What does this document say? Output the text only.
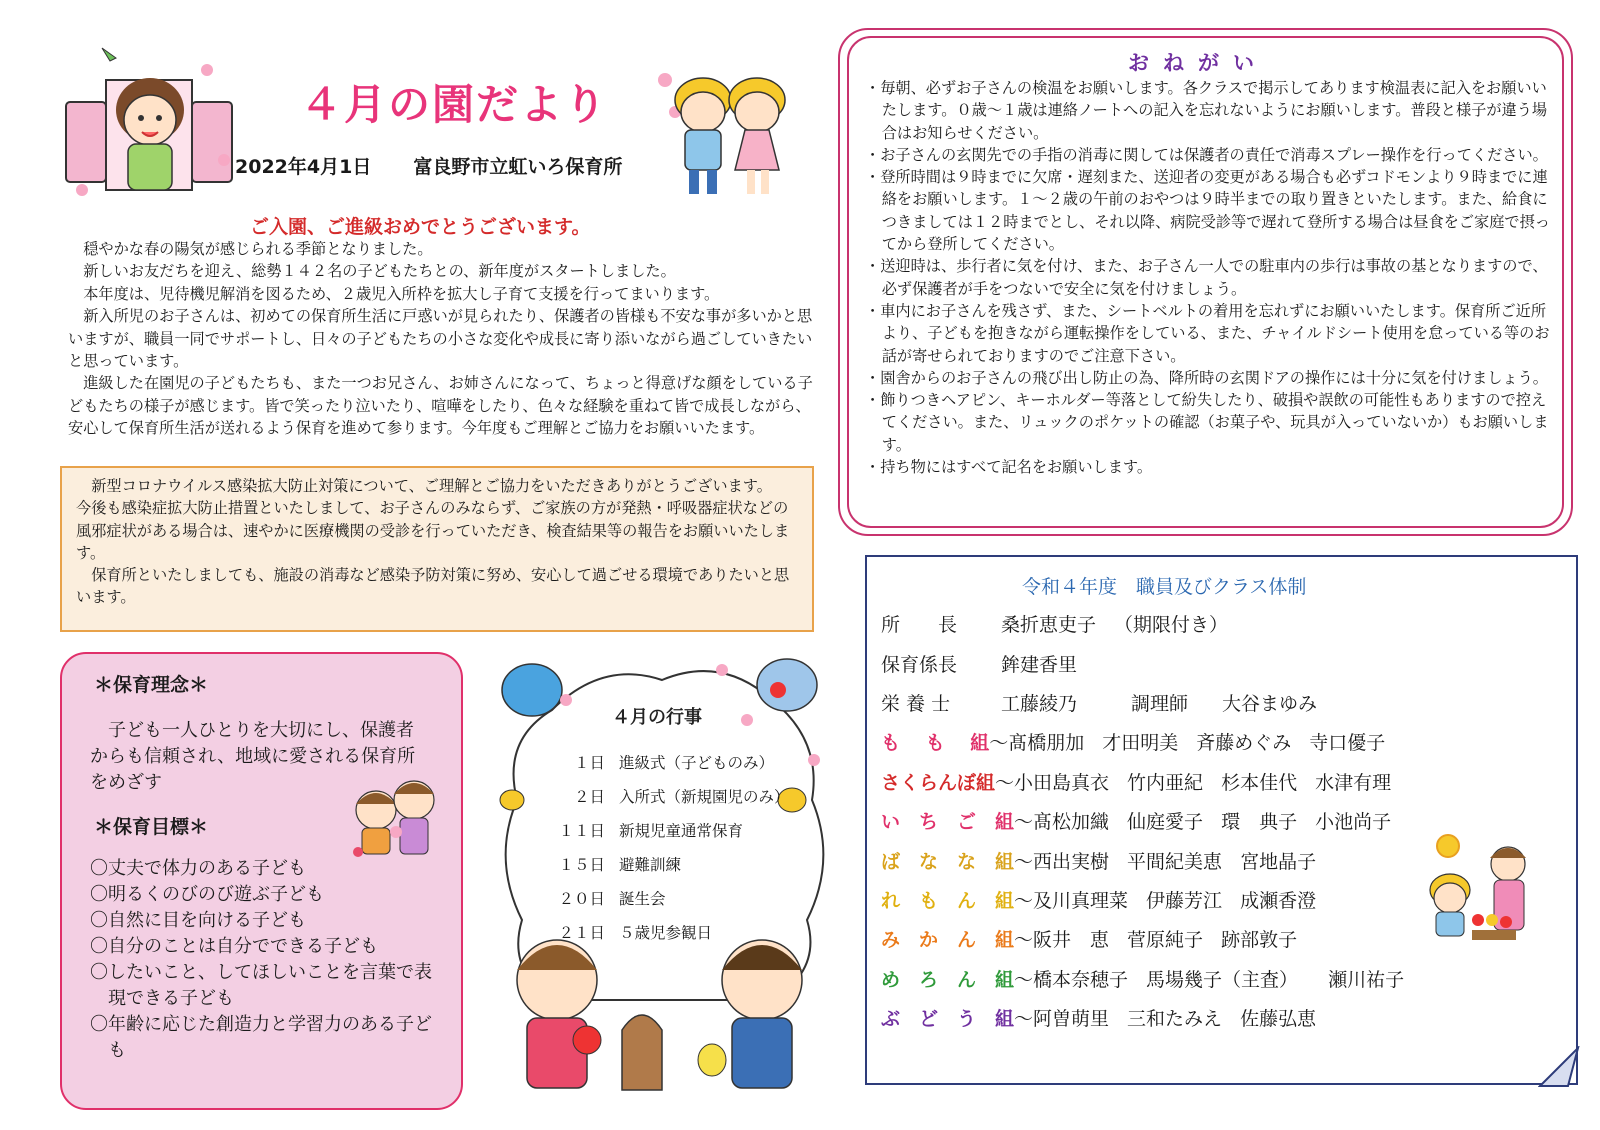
４月の園だより
2022年4月1日 富良野市立虹いろ保育所
ご入園、ご進級おめでとうございます。

穏やかな春の陽気が感じられる季節となりました。

新しいお友だちを迎え、総勢１４２名の子どもたちとの、新年度がスタートしました。

本年度は、児待機児解消を図るため、２歳児入所枠を拡大し子育て支援を行ってまいります。

新入所児のお子さんは、初めての保育所生活に戸惑いが見られたり、保護者の皆様も不安な事が多いかと思いますが、職員一同でサポートし、日々の子どもたちの小さな変化や成長に寄り添いながら過ごしていきたいと思っています。

進級した在園児の子どもたちも、また一つお兄さん、お姉さんになって、ちょっと得意げな顔をしている子どもたちの様子が感じます。皆で笑ったり泣いたり、喧嘩をしたり、色々な経験を重ねて皆で成長しながら、安心して保育所生活が送れるよう保育を進めて参ります。今年度もご理解とご協力をお願いいたます。

新型コロナウイルス感染拡大防止対策について、ご理解とご協力をいただきありがとうございます。

今後も感染症拡大防止措置といたしまして、お子さんのみならず、ご家族の方が発熱・呼吸器症状などの風邪症状がある場合は、速やかに医療機関の受診を行っていただき、検査結果等の報告をお願いいたします。

保育所といたしましても、施設の消毒など感染予防対策に努め、安心して過ごせる環境でありたいと思います。

＊保育理念＊

子ども一人ひとりを大切にし、保護者からも信頼され、地域に愛される保育所をめざす

＊保育目標＊
〇丈夫で体力のある子ども
〇明るくのびのび遊ぶ子ども
〇自然に目を向ける子ども
〇自分のことは自分でできる子ども
〇したいこと、してほしいことを言葉で表現できる子ども
〇年齢に応じた創造力と学習力のある子ども
４月の行事
１日 進級式（子どものみ）
２日 入所式（新規園児のみ）
１１日 新規児童通常保育
１５日 避難訓練
２０日 誕生会
２１日 ５歳児参観日
おねがい
・毎朝、必ずお子さんの検温をお願いします。各クラスで掲示してあります検温表に記入をお願いいたします。０歳〜１歳は連絡ノートへの記入を忘れないようにお願いします。普段と様子が違う場合はお知らせください。
・お子さんの玄関先での手指の消毒に関しては保護者の責任で消毒スプレー操作を行ってください。
・登所時間は９時までに欠席・遅刻また、送迎者の変更がある場合も必ずコドモンより９時までに連絡をお願いします。１〜２歳の午前のおやつは９時半までの取り置きといたします。また、給食につきましては１２時までとし、それ以降、病院受診等で遅れて登所する場合は昼食をご家庭で摂ってから登所してください。
・送迎時は、歩行者に気を付け、また、お子さん一人での駐車内の歩行は事故の基となりますので、必ず保護者が手をつないで安全に気を付けましょう。
・車内にお子さんを残さず、また、シートベルトの着用を忘れずにお願いいたします。保育所ご近所より、子どもを抱きながら運転操作をしている、また、チャイルドシート使用を怠っている等のお話が寄せられておりますのでご注意下さい。
・園舎からのお子さんの飛び出し防止の為、降所時の玄関ドアの操作には十分に気を付けましょう。
・飾りつきヘアピン、キーホルダー等落として紛失したり、破損や誤飲の可能性もありますので控えてください。また、リュックのポケットの確認（お菓子や、玩具が入っていないか）もお願いします。
・持ち物にはすべて記名をお願いします。
令和４年度　職員及びクラス体制
所　　長	桑折恵吏子 （期限付き）
保育係長	鉾建香里
栄 養 士	工藤綾乃	調理師 大谷まゆみ
も　 も　 組 〜 髙橋朋加 才田明美 斉藤めぐみ 寺口優子
さくらんぼ組 〜 小田島真衣 竹内亜紀 杉本佳代 水津有理
い　ち　ご　組 〜 髙松加織 仙庭愛子 環　典子 小池尚子
ば　な　な　組 〜 西出実樹 平間紀美恵 宮地晶子
れ　も　ん　組 〜 及川真理菜 伊藤芳江 成瀬香澄
み　か　ん　組 〜 阪井　恵 菅原純子 跡部敦子
め　ろ　ん　組 〜 橋本奈穂子 馬場幾子（主査） 瀬川祐子
ぶ　ど　う　組 〜 阿曽萌里 三和たみえ 佐藤弘恵
